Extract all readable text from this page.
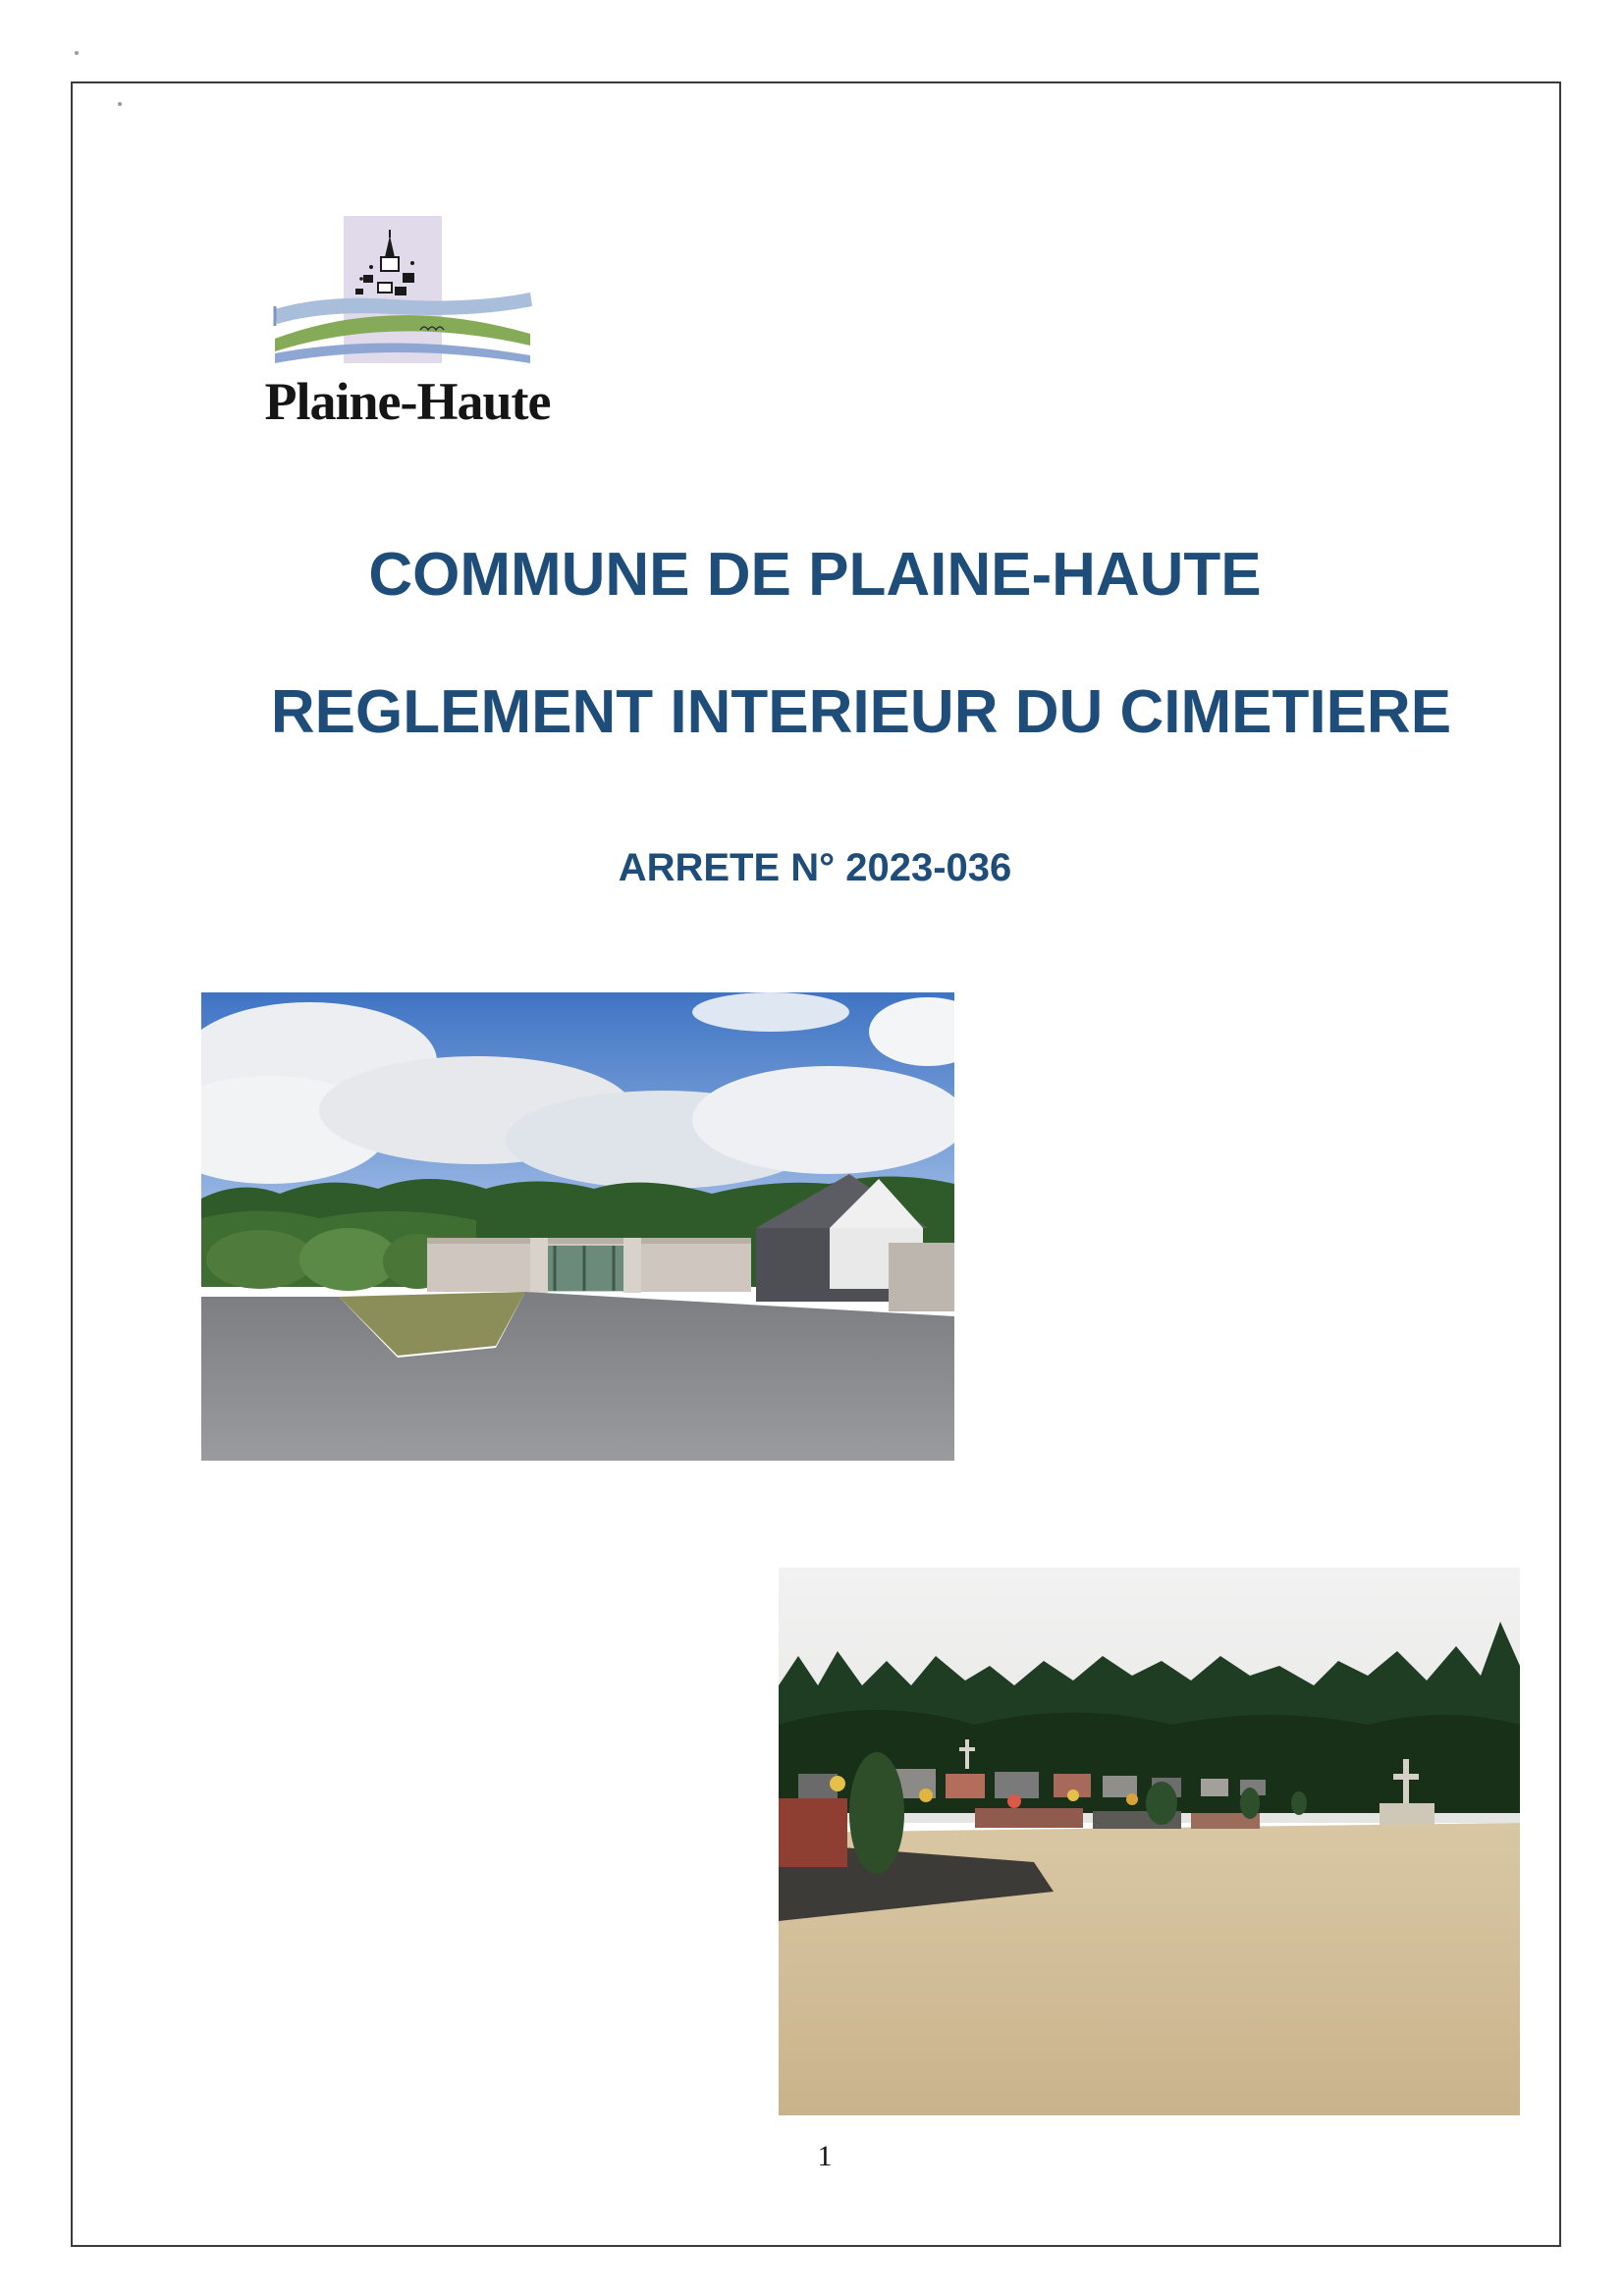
Plaine-Haute
COMMUNE DE PLAINE-HAUTE
REGLEMENT INTERIEUR DU CIMETIERE
ARRETE N° 2023-036
1
